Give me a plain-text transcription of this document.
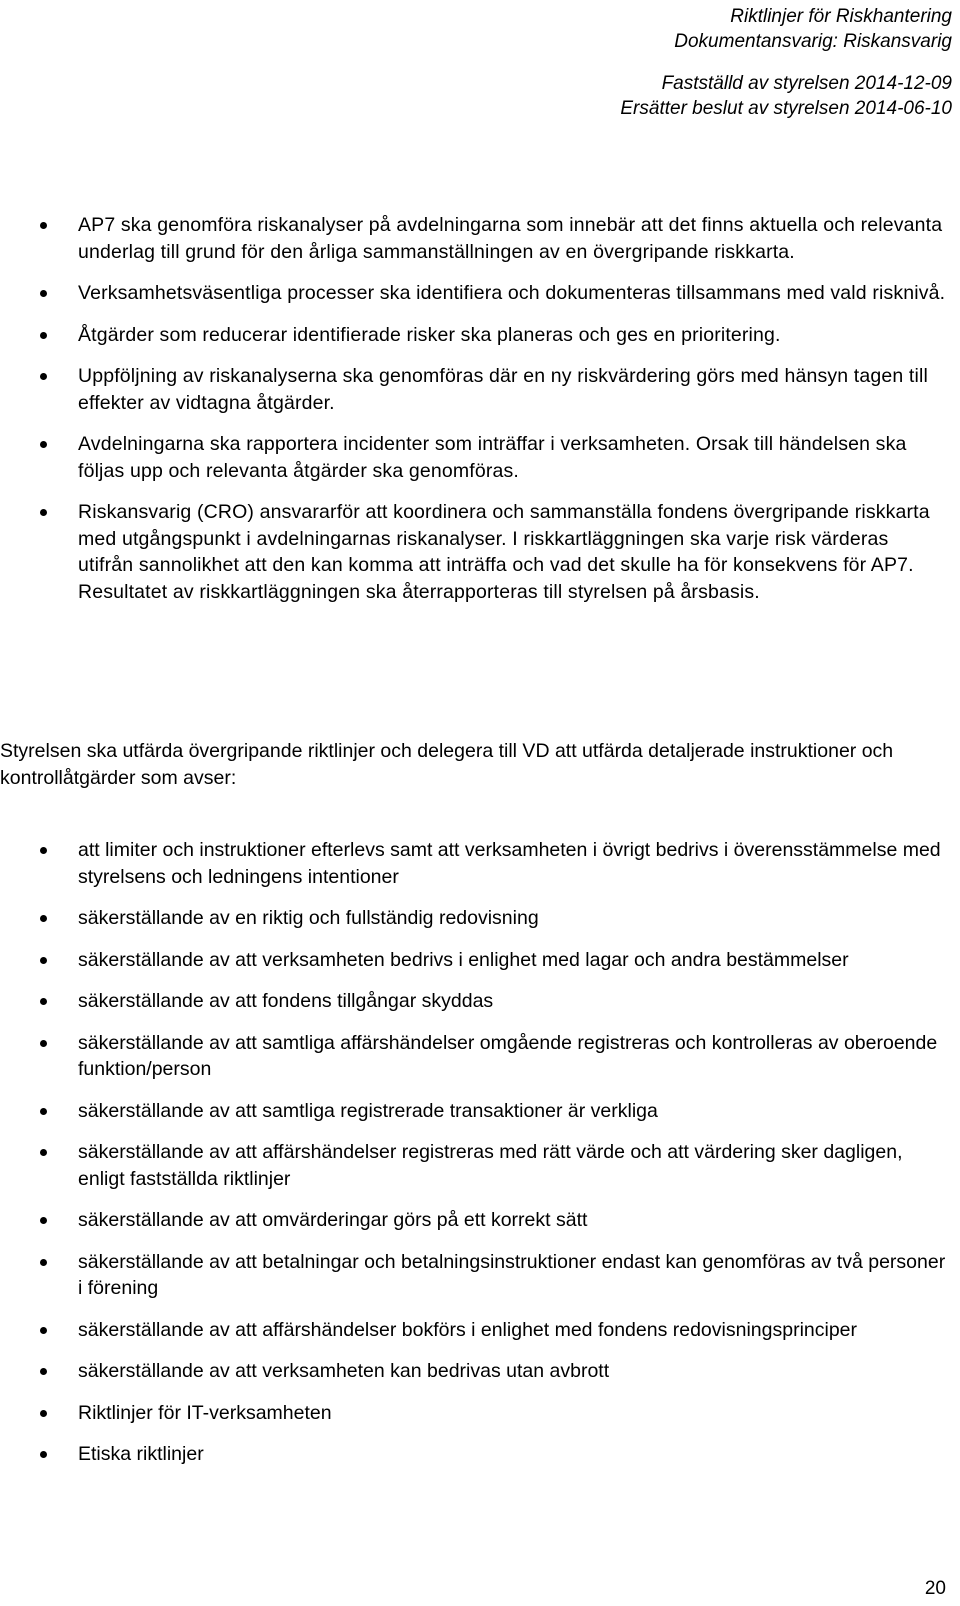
Riktlinjer för Riskhantering
Dokumentansvarig: Riskansvarig
Fastställd av styrelsen 2014-12-09
Ersätter beslut av styrelsen 2014-06-10
AP7 ska genomföra riskanalyser på avdelningarna som innebär att det finns aktuella och relevanta underlag till grund för den årliga sammanställningen av en övergripande riskkarta.
Verksamhetsväsentliga processer ska identifiera och dokumenteras tillsammans med vald risknivå.
Åtgärder som reducerar identifierade risker ska planeras och ges en prioritering.
Uppföljning av riskanalyserna ska genomföras där en ny riskvärdering görs med hänsyn tagen till effekter av vidtagna åtgärder.
Avdelningarna ska rapportera incidenter som inträffar i verksamheten. Orsak till händelsen ska följas upp och relevanta åtgärder ska genomföras.
Riskansvarig (CRO) ansvararför att koordinera och sammanställa fondens övergripande riskkarta med utgångspunkt i avdelningarnas riskanalyser. I riskkartläggningen ska varje risk värderas utifrån sannolikhet att den kan komma att inträffa och vad det skulle ha för konsekvens för AP7. Resultatet av riskkartläggningen ska återrapporteras till styrelsen på årsbasis.
Styrelsen ska utfärda övergripande riktlinjer och delegera till VD att utfärda detaljerade instruktioner och kontrollåtgärder som avser:
att limiter och instruktioner efterlevs samt att verksamheten i övrigt bedrivs i överensstämmelse med styrelsens och ledningens intentioner
säkerställande av en riktig och fullständig redovisning
säkerställande av att verksamheten bedrivs i enlighet med lagar och andra bestämmelser
säkerställande av att fondens tillgångar skyddas
säkerställande av att samtliga affärshändelser omgående registreras och kontrolleras av oberoende funktion/person
säkerställande av att samtliga registrerade transaktioner är verkliga
säkerställande av att affärshändelser registreras med rätt värde och att värdering sker dagligen, enligt fastställda riktlinjer
säkerställande av att omvärderingar görs på ett korrekt sätt
säkerställande av att betalningar och betalningsinstruktioner endast kan genomföras av två personer i förening
säkerställande av att affärshändelser bokförs i enlighet med fondens redovisningsprinciper
säkerställande av att verksamheten kan bedrivas utan avbrott
Riktlinjer för IT-verksamheten
Etiska riktlinjer
20
